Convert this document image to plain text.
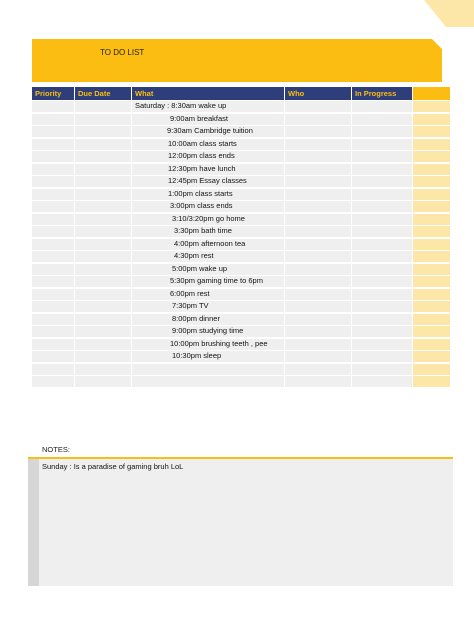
TO DO LIST
Priority	Due Date	What	Who	In Progress
Saturday : 8:30am wake up
9:00am breakfast
9:30am Cambridge tuition
10:00am class starts
12:00pm class ends
12:30pm have lunch
12:45pm Essay classes
1:00pm class starts
3:00pm class ends
3:10/3:20pm go home
3:30pm bath time
4:00pm afternoon tea
4:30pm rest
5:00pm wake up
5:30pm gaming time to 6pm
6:00pm rest
7:30pm TV
8:00pm dinner
9:00pm studying time
10:00pm brushing teeth , pee
10:30pm sleep
NOTES:
Sunday : Is a paradise of gaming bruh LoL
